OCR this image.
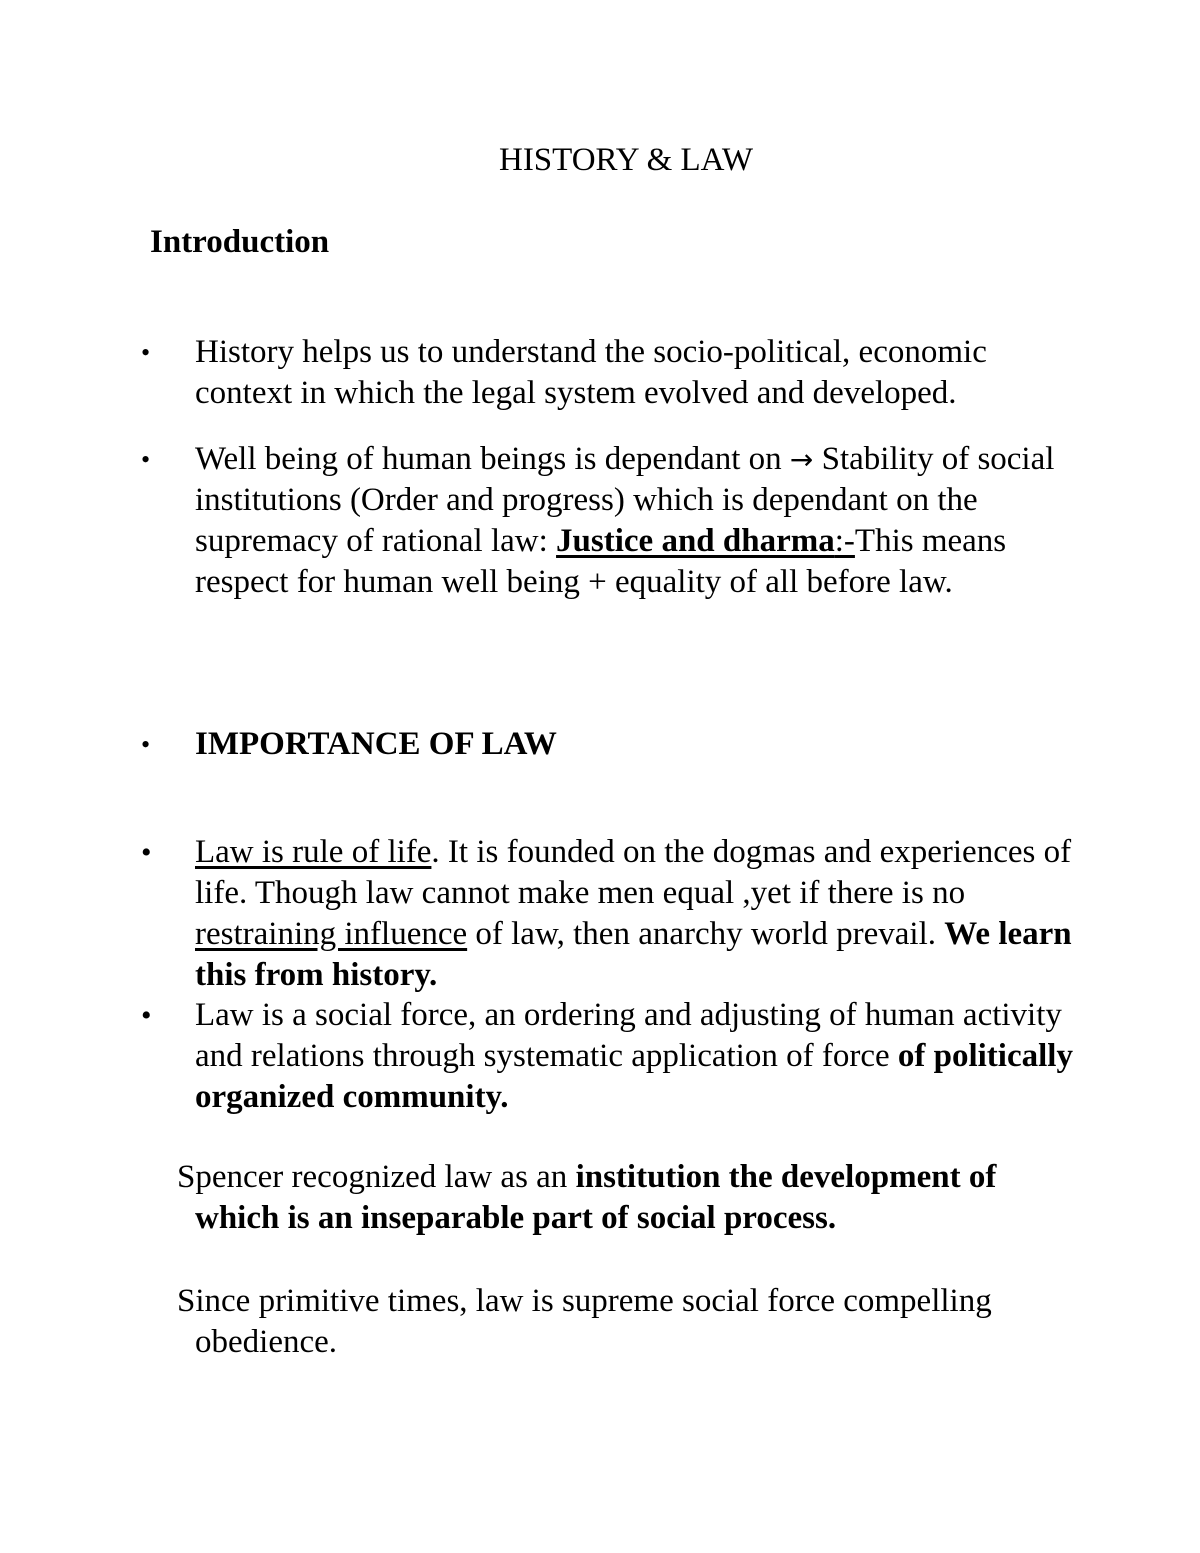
HISTORY & LAW
Introduction
• History helps us to understand the socio-political, economic context in which the legal system evolved and developed.
• Well being of human beings is dependant on → Stability of social institutions (Order and progress) which is dependant on the supremacy of rational law: Justice and dharma:-This means respect for human well being + equality of all before law.
• IMPORTANCE OF LAW
• Law is rule of life. It is founded on the dogmas and experiences of life. Though law cannot make men equal ,yet if there is no restraining influence of law, then anarchy world prevail. We learn this from history.
• Law is a social force, an ordering and adjusting of human activity and relations through systematic application of force of politically organized community.
Spencer recognized law as an institution the development of
which is an inseparable part of social process.
Since primitive times, law is supreme social force compelling
obedience.
